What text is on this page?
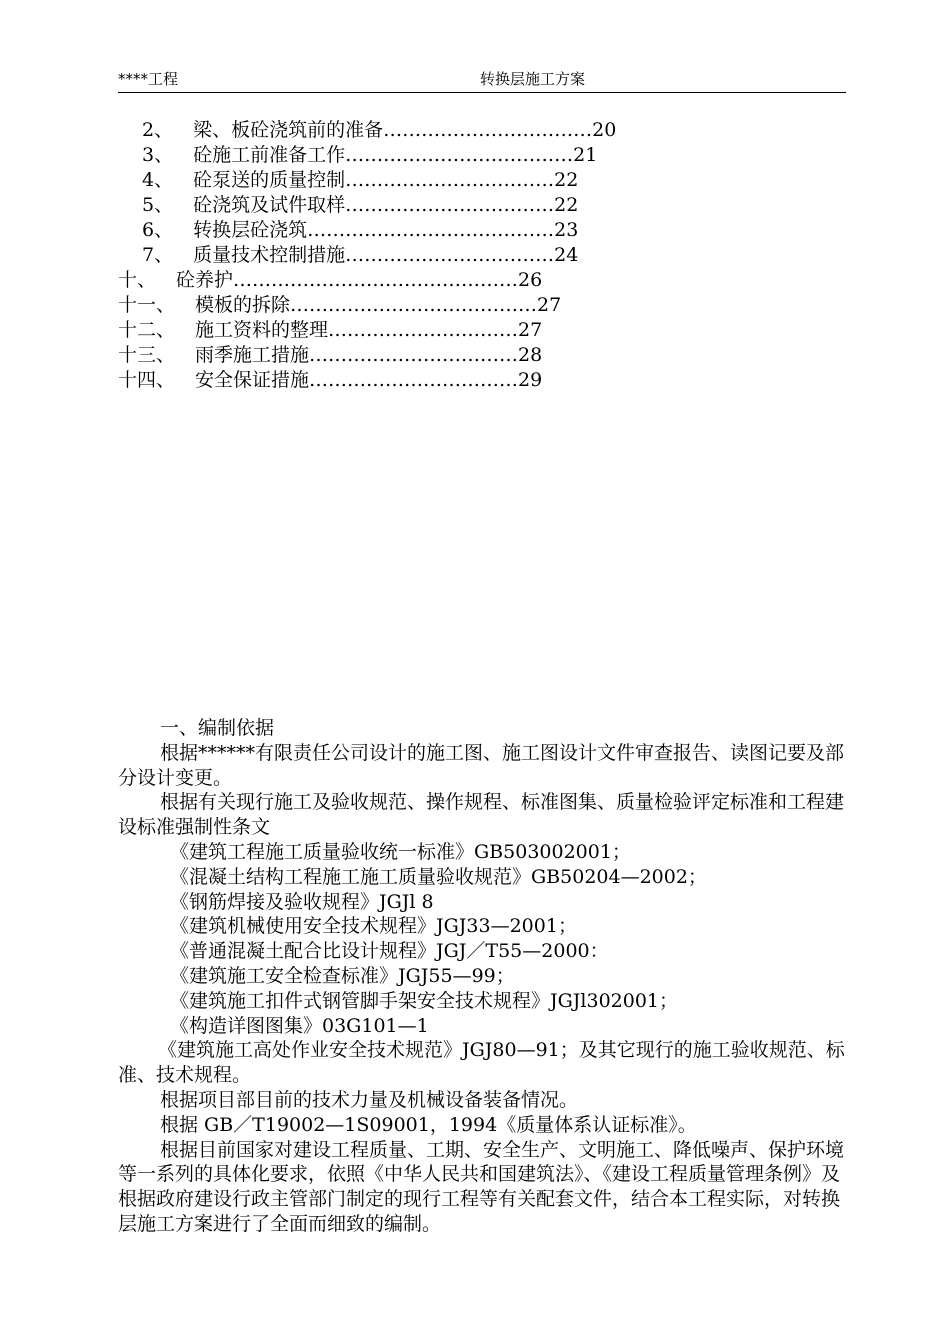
****工程	转换层施工方案
2、 梁、板砼浇筑前的准备……………………………20
3、 砼施工前准备工作………………………………21
4、 砼泵送的质量控制……………………………22
5、 砼浇筑及试件取样……………………………22
6、 转换层砼浇筑…………………………………23
7、 质量技术控制措施……………………………24
十、 砼养护………………………………………26
十一、 模板的拆除…………………………………27
十二、 施工资料的整理…………………………27
十三、 雨季施工措施……………………………28
十四、 安全保证措施……………………………29

一、编制依据

根据******有限责任公司设计的施工图、施工图设计文件审查报告、读图记要及部分设计变更。

根据有关现行施工及验收规范、操作规程、标准图集、质量检验评定标准和工程建设标准强制性条文

《建筑工程施工质量验收统一标准》GB503002001；

《混凝土结构工程施工施工质量验收规范》GB50204—2002；

《钢筋焊接及验收规程》JGJl 8

《建筑机械使用安全技术规程》JGJ33—2001；

《普通混凝土配合比设计规程》JGJ／T55—2000：

《建筑施工安全检查标准》JGJ55—99；

《建筑施工扣件式钢管脚手架安全技术规程》JGJl302001；

《构造详图图集》03G101—1

《建筑施工高处作业安全技术规范》JGJ80—91；及其它现行的施工验收规范、标准、技术规程。

根据项目部目前的技术力量及机械设备装备情况。

根据 GB／T19002—1S09001，1994《质量体系认证标准》。

根据目前国家对建设工程质量、工期、安全生产、文明施工、降低噪声、保护环境等一系列的具体化要求，依照《中华人民共和国建筑法》、《建设工程质量管理条例》及根据政府建设行政主管部门制定的现行工程等有关配套文件，结合本工程实际，对转换层施工方案进行了全面而细致的编制。
